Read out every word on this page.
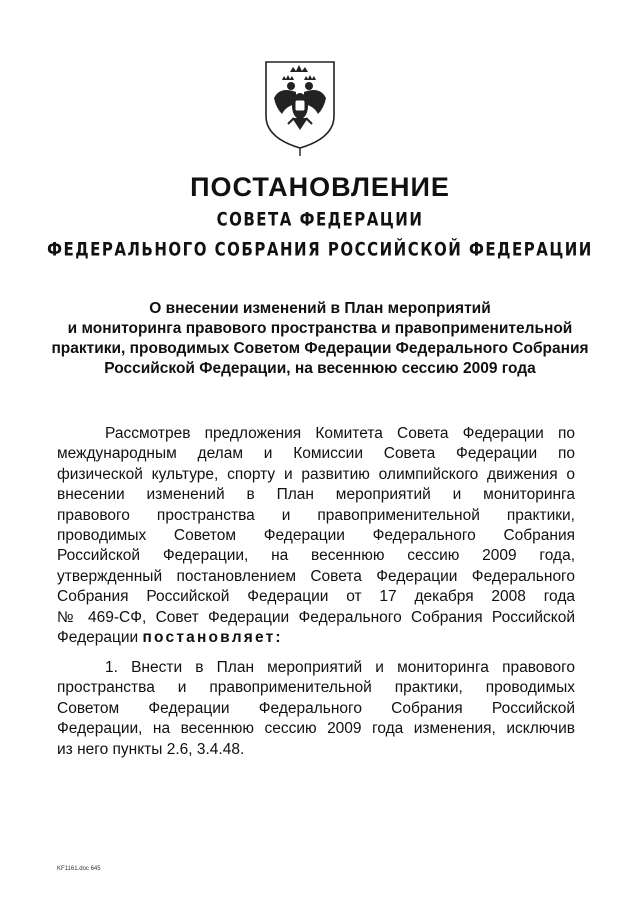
ПОСТАНОВЛЕНИЕ
СОВЕТА ФЕДЕРАЦИИ
ФЕДЕРАЛЬНОГО СОБРАНИЯ РОССИЙСКОЙ ФЕДЕРАЦИИ
О внесении изменений в План мероприятий
и мониторинга правового пространства и правоприменительной
практики, проводимых Советом Федерации Федерального Собрания
Российской Федерации, на весеннюю сессию 2009 года
Рассмотрев предложения Комитета Совета Федерации по
международным делам и Комиссии Совета Федерации по
физической культуре, спорту и развитию олимпийского движения о
внесении изменений в План мероприятий и мониторинга
правового пространства и правоприменительной практики,
проводимых Советом Федерации Федерального Собрания
Российской Федерации, на весеннюю сессию 2009 года,
утвержденный постановлением Совета Федерации Федерального
Собрания Российской Федерации от 17 декабря 2008 года
№ 469-СФ, Совет Федерации Федерального Собрания Российской
Федерации постановляет:
1. Внести в План мероприятий и мониторинга правового
пространства и правоприменительной практики, проводимых
Советом Федерации Федерального Собрания Российской
Федерации, на весеннюю сессию 2009 года изменения, исключив
из него пункты 2.6, 3.4.48.
KF1161.doc 645
